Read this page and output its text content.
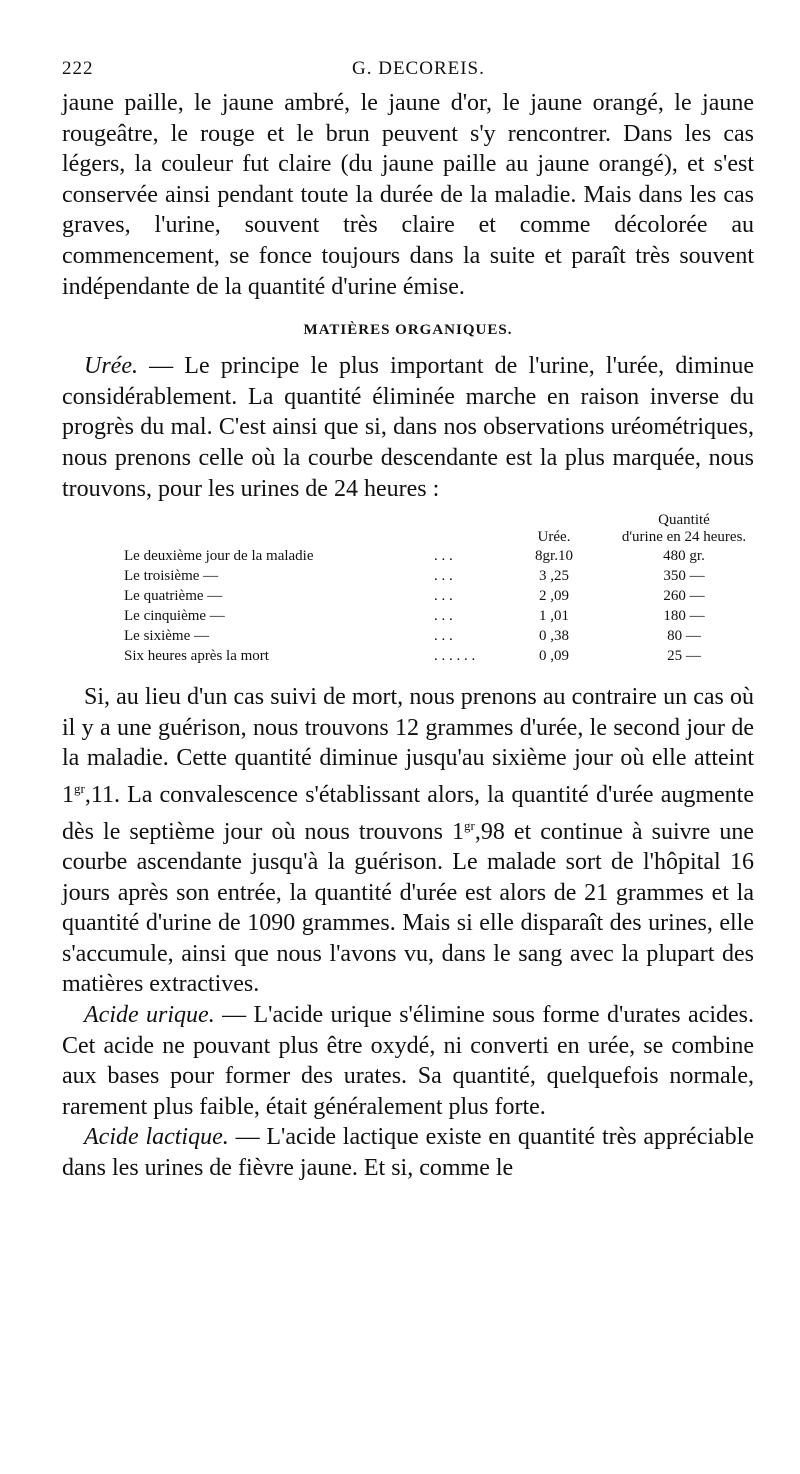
222	G. DECOREIS.

jaune paille, le jaune ambré, le jaune d'or, le jaune orangé, le jaune rougeâtre, le rouge et le brun peuvent s'y rencontrer. Dans les cas légers, la couleur fut claire (du jaune paille au jaune orangé), et s'est conservée ainsi pendant toute la durée de la maladie. Mais dans les cas graves, l'urine, souvent très claire et comme décolorée au commencement, se fonce toujours dans la suite et paraît très souvent indépendante de la quantité d'urine émise.

MATIÈRES ORGANIQUES.

Urée. — Le principe le plus important de l'urine, l'urée, diminue considérablement. La quantité éliminée marche en raison inverse du progrès du mal. C'est ainsi que si, dans nos observations uréométriques, nous prenons celle où la courbe descendante est la plus marquée, nous trouvons, pour les urines de 24 heures :

		Urée.	Quantité
d'urine en 24 heures.

Le deuxième jour de la maladie	. . .	8gr.10	480 gr.
Le troisième —	. . .	3 ,25	350 —
Le quatrième —	. . .	2 ,09	260 —
Le cinquième —	. . .	1 ,01	180 —
Le sixième —	. . .	0 ,38	80 —
Six heures après la mort	. . . . . .	0 ,09	25 —

Si, au lieu d'un cas suivi de mort, nous prenons au contraire un cas où il y a une guérison, nous trouvons 12 grammes d'urée, le second jour de la maladie. Cette quantité diminue jusqu'au sixième jour où elle atteint $1^{gr},11$. La convalescence s'établissant alors, la quantité d'urée augmente dès le septième jour où nous trouvons $1^{gr},98$ et continue à suivre une courbe ascendante jusqu'à la guérison. Le malade sort de l'hôpital 16 jours après son entrée, la quantité d'urée est alors de 21 grammes et la quantité d'urine de 1090 grammes. Mais si elle disparaît des urines, elle s'accumule, ainsi que nous l'avons vu, dans le sang avec la plupart des matières extractives.

Acide urique. — L'acide urique s'élimine sous forme d'urates acides. Cet acide ne pouvant plus être oxydé, ni converti en urée, se combine aux bases pour former des urates. Sa quantité, quelquefois normale, rarement plus faible, était généralement plus forte.

Acide lactique. — L'acide lactique existe en quantité très appréciable dans les urines de fièvre jaune. Et si, comme le
